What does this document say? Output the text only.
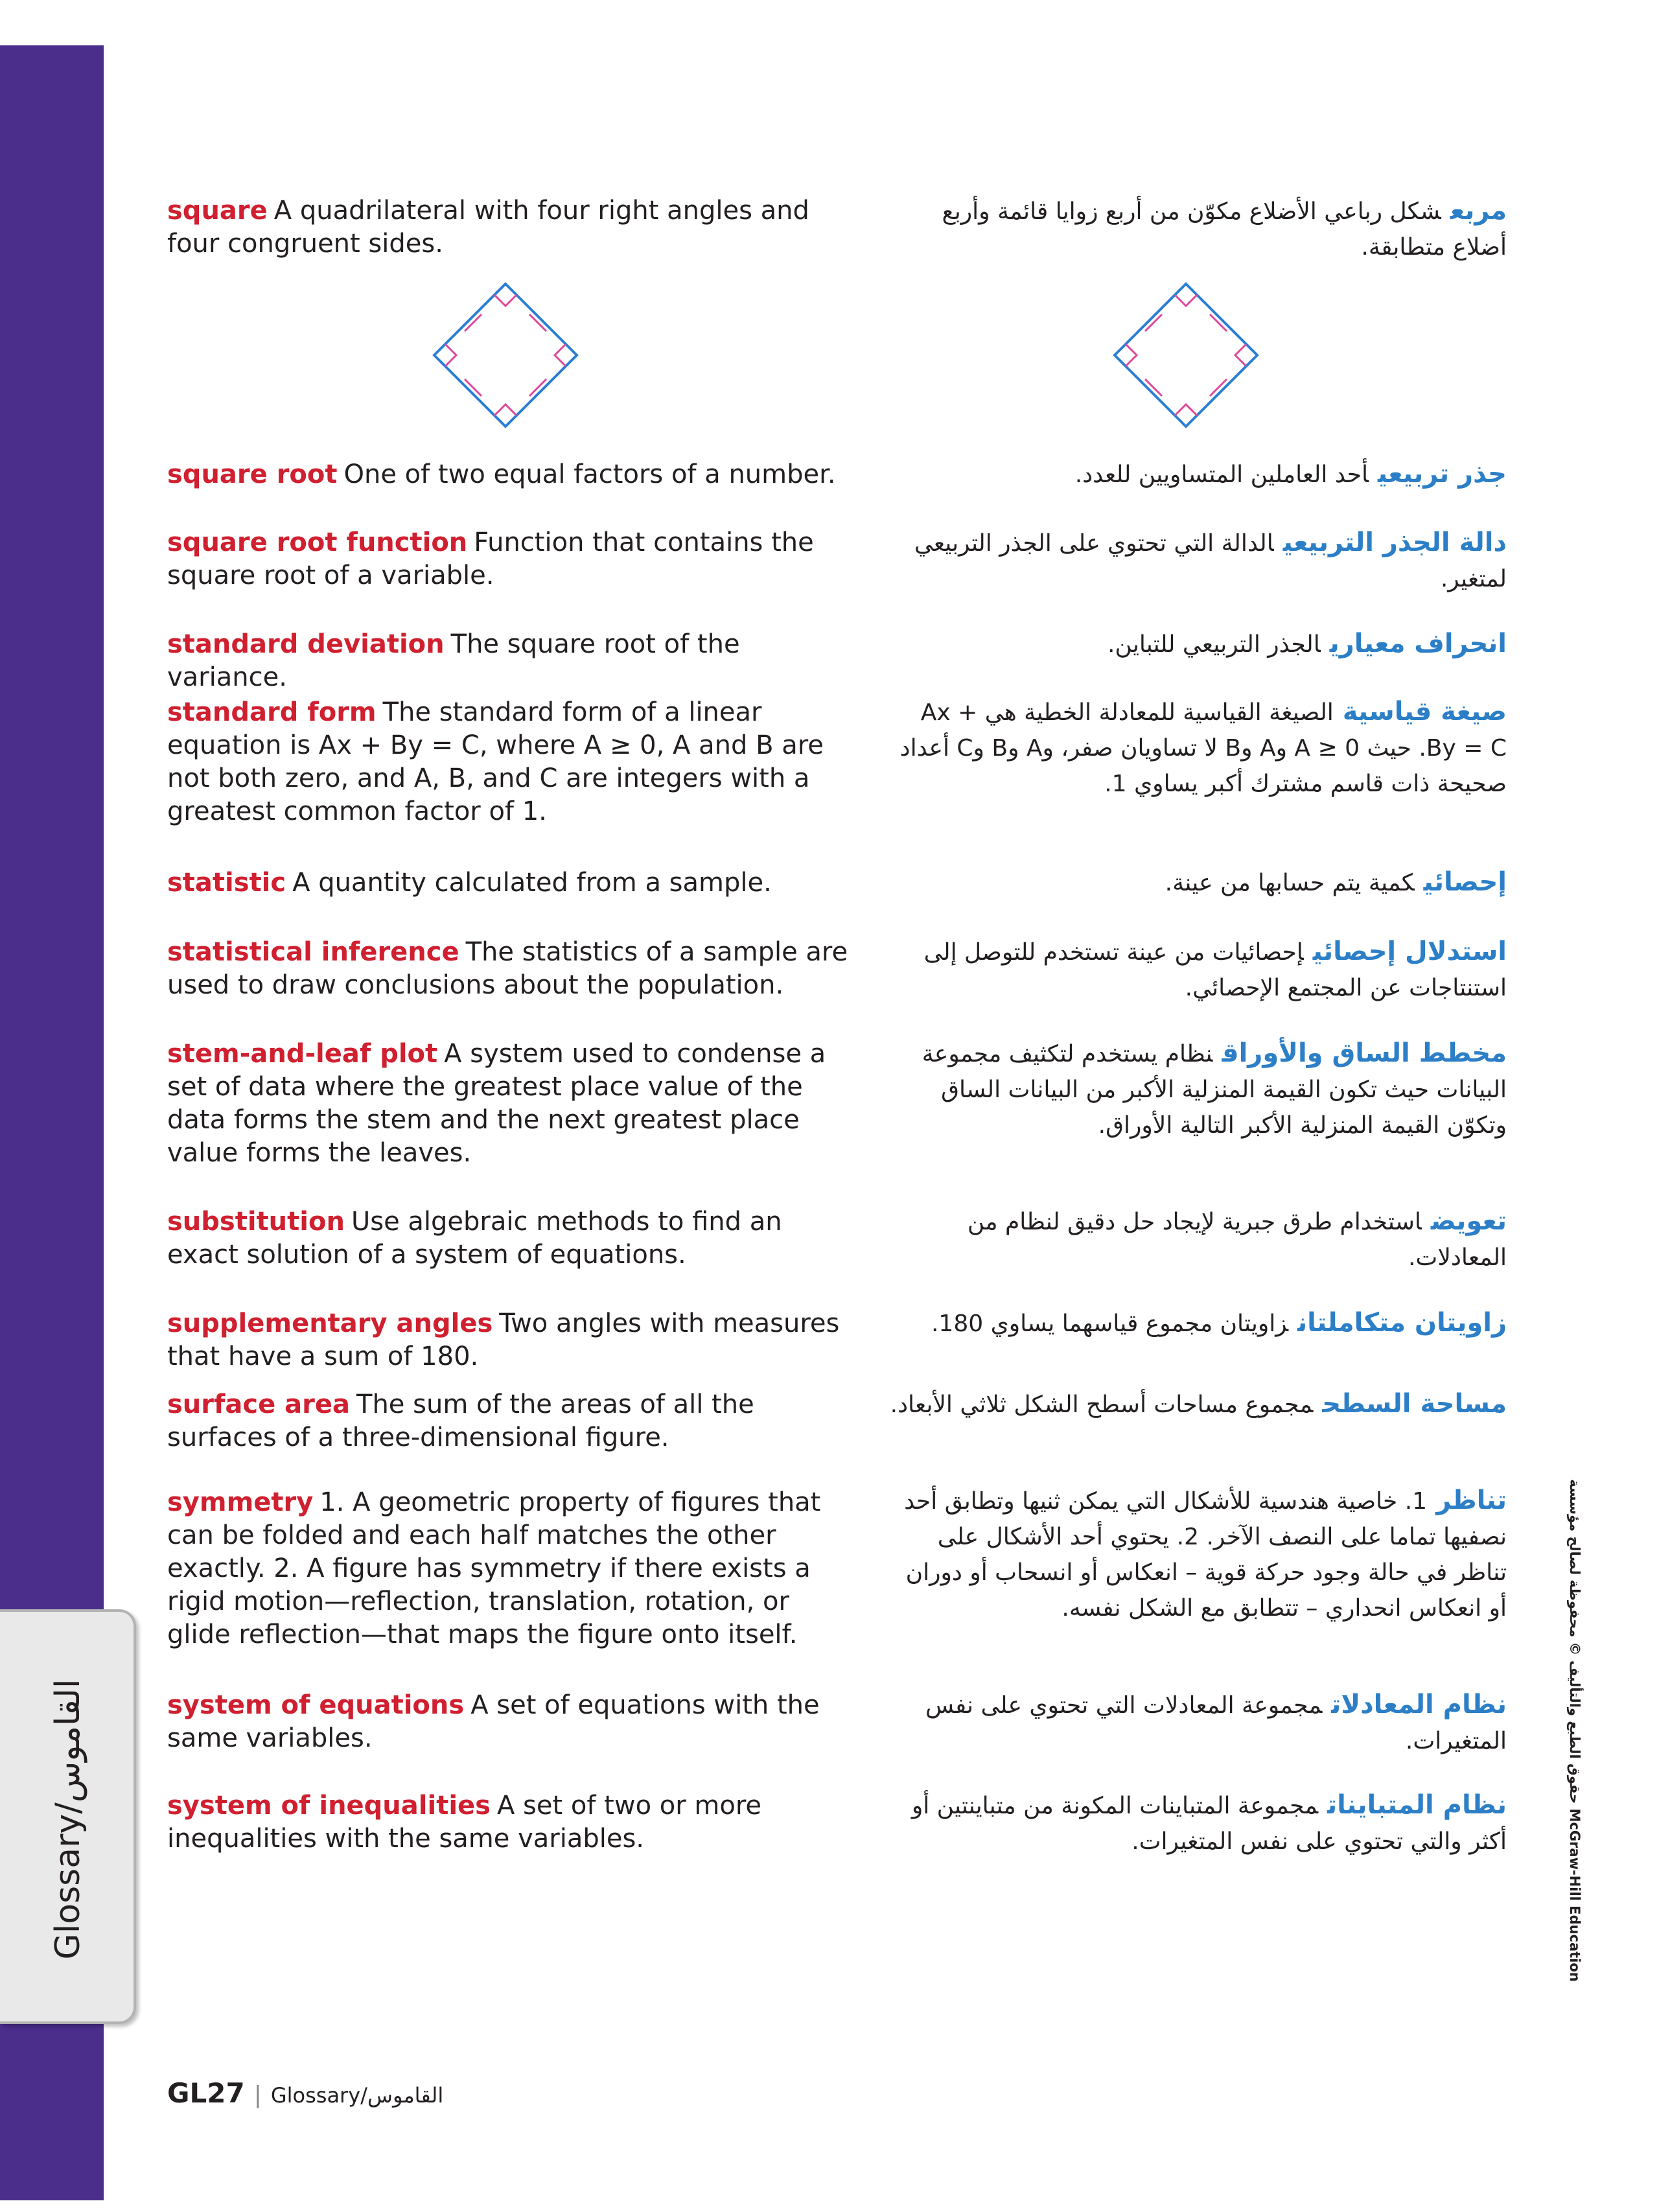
Glossary/القاموس
square A quadrilateral with four right angles and four congruent sides.
مربعشكل رباعي الأضلاع مكوّن من أربع زوايا قائمة وأربع أضلاع متطابقة.
square root One of two equal factors of a number.	جذر تربيعيأحد العاملين المتساويين للعدد.
square root function Function that contains the square root of a variable.
دالة الجذر التربيعيالدالة التي تحتوي على الجذر التربيعي لمتغير.
standard deviation The square root of the variance.
انحراف معياريالجذر التربيعي للتباين.
standard form The standard form of a linear equation is Ax + By = C, where A ≥ 0, A and B are not both zero, and A, B, and C are integers with a greatest common factor of 1.
صيغة قياسيةالصيغة القياسية للمعادلة الخطية هي Ax + By = C. حيث A ≥ 0 وA وB لا تساويان صفر، وA وB وC أعداد صحيحة ذات قاسم مشترك أكبر يساوي 1.
statistic A quantity calculated from a sample.	إحصائيكمية يتم حسابها من عينة.
statistical inference The statistics of a sample are used to draw conclusions about the population.
استدلال إحصائيإحصائيات من عينة تستخدم للتوصل إلى استنتاجات عن المجتمع الإحصائي.
stem-and-leaf plot A system used to condense a set of data where the greatest place value of the data forms the stem and the next greatest place value forms the leaves.
مخطط الساق والأوراقنظام يستخدم لتكثيف مجموعة البيانات حيث تكون القيمة المنزلية الأكبر من البيانات الساق وتكوّن القيمة المنزلية الأكبر التالية الأوراق.
substitution Use algebraic methods to find an exact solution of a system of equations.
تعويضاستخدام طرق جبرية لإيجاد حل دقيق لنظام من المعادلات.
supplementary angles Two angles with measures that have a sum of 180.
زاويتان متكاملتانزاويتان مجموع قياسهما يساوي 180.
surface area The sum of the areas of all the surfaces of a three-dimensional figure.
مساحة السطحمجموع مساحات أسطح الشكل ثلاثي الأبعاد.
symmetry 1. A geometric property of figures that can be folded and each half matches the other exactly. 2. A figure has symmetry if there exists a rigid motion—reflection, translation, rotation, or glide reflection—that maps the figure onto itself.
تناظر1. خاصية هندسية للأشكال التي يمكن ثنيها وتطابق أحد نصفيها تماما على النصف الآخر. 2. يحتوي أحد الأشكال على تناظر في حالة وجود حركة قوية – انعكاس أو انسحاب أو دوران أو انعكاس انحداري – تتطابق مع الشكل نفسه.
system of equations A set of equations with the same variables.
نظام المعادلاتمجموعة المعادلات التي تحتوي على نفس المتغيرات.
system of inequalities A set of two or more inequalities with the same variables.
نظام المتبايناتمجموعة المتباينات المكونة من متباينتين أو أكثر والتي تحتوي على نفس المتغيرات.
حقوق الطبع والتأليف © محفوظة لصالح مؤسسة McGraw-Hill Education
GL27 | Glossary/القاموس
